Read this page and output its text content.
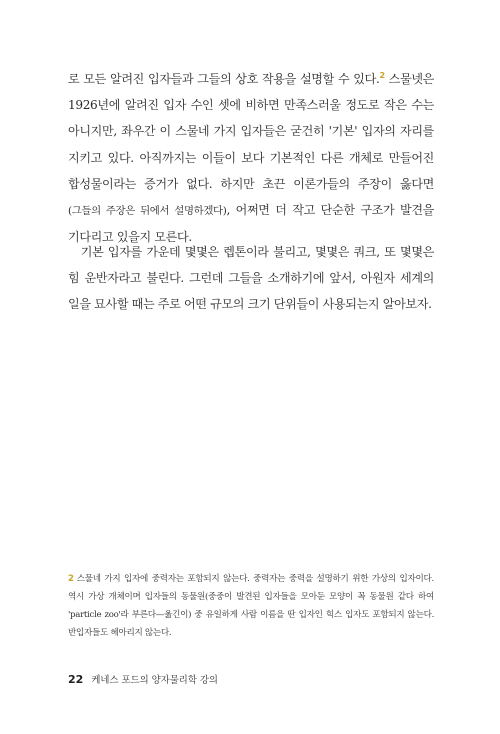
로 모든 알려진 입자들과 그들의 상호 작용을 설명할 수 있다.$^2$ 스물넷은 1926년에 알려진 입자 수인 셋에 비하면 만족스러울 정도로 작은 수는 아니지만, 좌우간 이 스물네 가지 입자들은 굳건히 '기본' 입자의 자리를 지키고 있다. 아직까지는 이들이 보다 기본적인 다른 개체로 만들어진 합성물이라는 증거가 없다. 하지만 초끈 이론가들의 주장이 옳다면(그들의 주장은 뒤에서 설명하겠다), 어쩌면 더 작고 단순한 구조가 발견을 기다리고 있을지 모른다.

　기본 입자를 가운데 몇몇은 렙톤이라 불리고, 몇몇은 쿼크, 또 몇몇은 힘 운반자라고 불린다. 그런데 그들을 소개하기에 앞서, 아원자 세계의 일을 묘사할 때는 주로 어떤 규모의 크기 단위들이 사용되는지 알아보자.

2 스물네 가지 입자에 중력자는 포함되지 않는다. 중력자는 중력을 설명하기 위한 가상의 입자이다. 역시 가상 개체이며 입자들의 동물원(중중이 발견된 입자들을 모아둔 모양이 꼭 동물원 같다 하여 'particle zoo'라 부른다—옮긴이) 중 유일하게 사람 이름을 딴 입자인 힉스 입자도 포함되지 않는다. 반입자들도 헤아리지 않는다.

22 케네스 포드의 양자물리학 강의
